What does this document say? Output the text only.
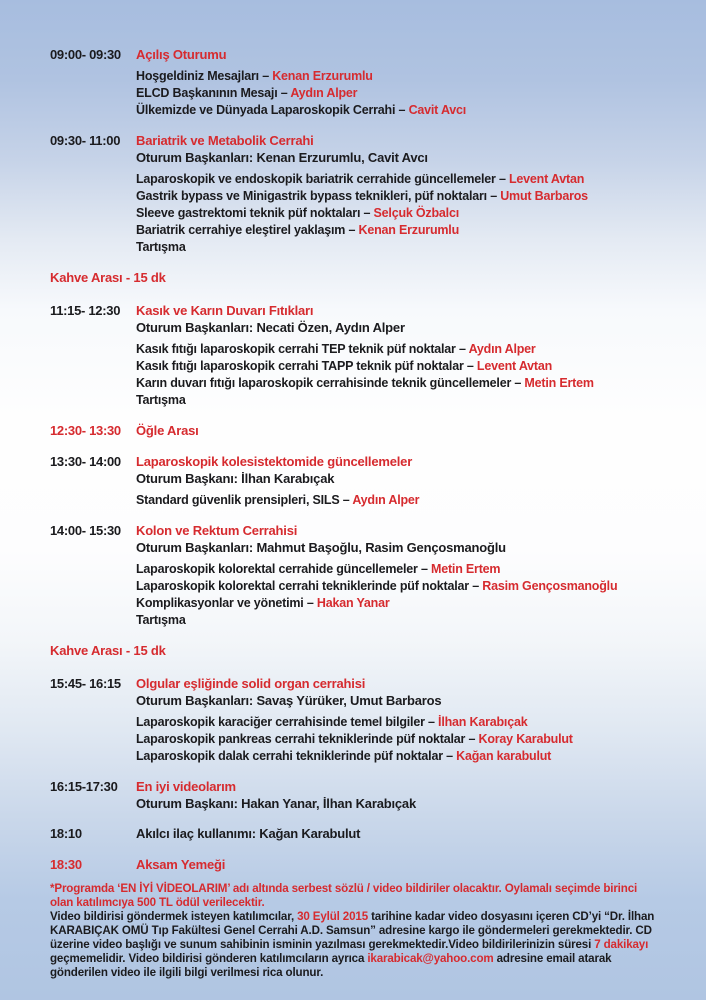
09:00- 09:30	Açılış Oturumu
Hoşgeldiniz Mesajları – Kenan Erzurumlu
ELCD Başkanının Mesajı – Aydın Alper
Ülkemizde ve Dünyada Laparoskopik Cerrahi – Cavit Avcı
09:30- 11:00	Bariatrik ve Metabolik Cerrahi
Oturum Başkanları: Kenan Erzurumlu, Cavit Avcı
Laparoskopik ve endoskopik bariatrik cerrahide güncellemeler – Levent Avtan
Gastrik bypass ve Minigastrik bypass teknikleri, püf noktaları – Umut Barbaros
Sleeve gastrektomi teknik püf noktaları – Selçuk Özbalcı
Bariatrik cerrahiye eleştirel yaklaşım – Kenan Erzurumlu
Tartışma
Kahve Arası - 15 dk
11:15- 12:30	Kasık ve Karın Duvarı Fıtıkları
Oturum Başkanları: Necati Özen, Aydın Alper
Kasık fıtığı laparoskopik cerrahi TEP teknik püf noktalar – Aydın Alper
Kasık fıtığı laparoskopik cerrahi TAPP teknik püf noktalar – Levent Avtan
Karın duvarı fıtığı laparoskopik cerrahisinde teknik güncellemeler – Metin Ertem
Tartışma
12:30- 13:30	Öğle Arası
13:30- 14:00	Laparoskopik kolesistektomide güncellemeler
Oturum Başkanı: İlhan Karabıçak
Standard güvenlik prensipleri, SILS – Aydın Alper
14:00- 15:30	Kolon ve Rektum Cerrahisi
Oturum Başkanları: Mahmut Başoğlu, Rasim Gençosmanoğlu
Laparoskopik kolorektal cerrahide güncellemeler – Metin Ertem
Laparoskopik kolorektal cerrahi tekniklerinde püf noktalar – Rasim Gençosmanoğlu
Komplikasyonlar ve yönetimi – Hakan Yanar
Tartışma
Kahve Arası - 15 dk
15:45- 16:15	Olgular eşliğinde solid organ cerrahisi
Oturum Başkanları: Savaş Yürüker, Umut Barbaros
Laparoskopik karaciğer cerrahisinde temel bilgiler – İlhan Karabıçak
Laparoskopik pankreas cerrahi tekniklerinde püf noktalar – Koray Karabulut
Laparoskopik dalak cerrahi tekniklerinde püf noktalar – Kağan karabulut
16:15-17:30	En iyi videolarım
Oturum Başkanı: Hakan Yanar, İlhan Karabıçak
18:10	Akılcı ilaç kullanımı: Kağan Karabulut
18:30	Aksam Yemeği

*Programda ‘EN İYİ VİDEOLARIM’ adı altında serbest sözlü / video bildiriler olacaktır. Oylamalı seçimde birinci olan katılımcıya 500 TL ödül verilecektir.

Video bildirisi göndermek isteyen katılımcılar, 30 Eylül 2015 tarihine kadar video dosyasını içeren CD’yi “Dr. İlhan KARABIÇAK OMÜ Tıp Fakültesi Genel Cerrahi A.D. Samsun” adresine kargo ile göndermeleri gerekmektedir. CD üzerine video başlığı ve sunum sahibinin isminin yazılması gerekmektedir.Video bildirilerinizin süresi 7 dakikayı geçmemelidir. Video bildirisi gönderen katılımcıların ayrıca ikarabicak@yahoo.com adresine email atarak gönderilen video ile ilgili bilgi verilmesi rica olunur.
